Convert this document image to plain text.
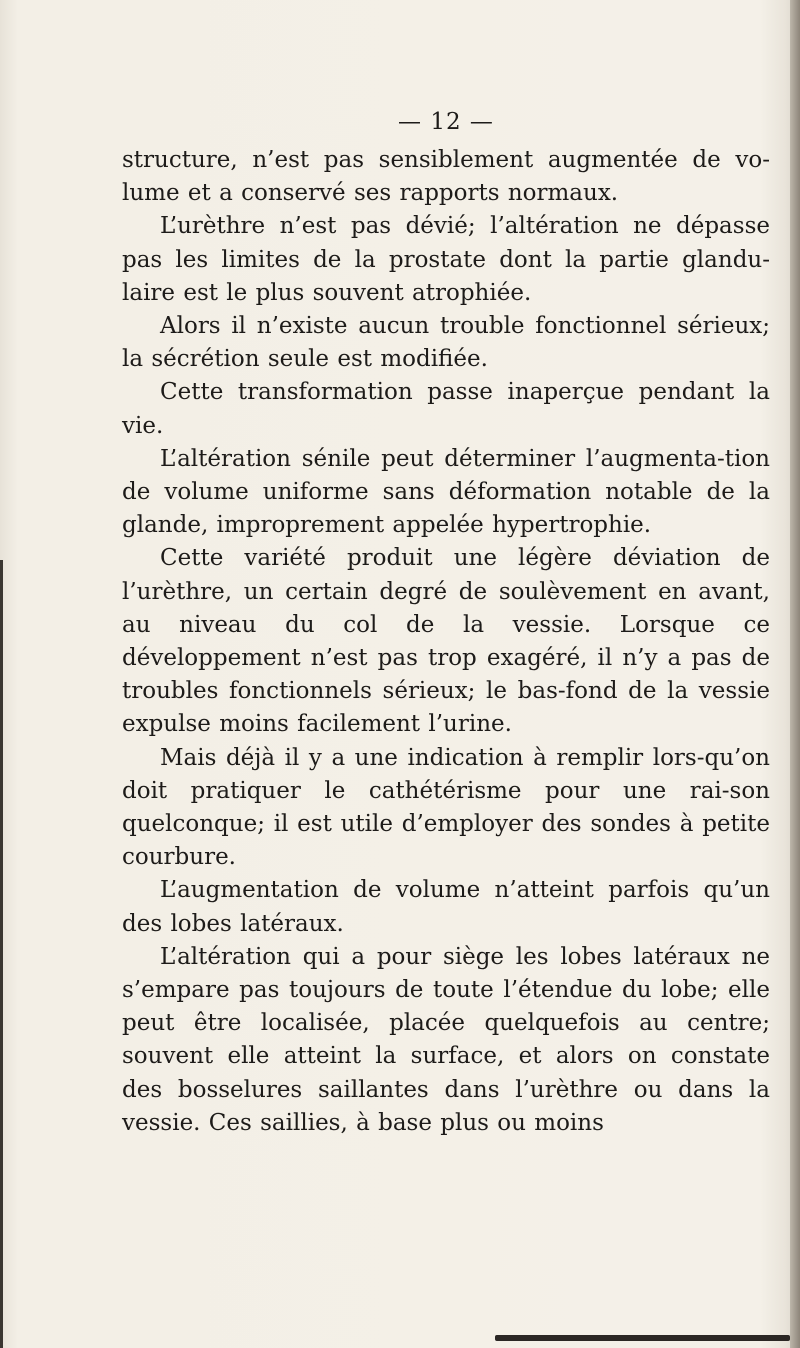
— 12 —

structure, n’est pas sensiblement augmentée de vo-lume et a conservé ses rapports normaux.

L’urèthre n’est pas dévié; l’altération ne dépasse pas les limites de la prostate dont la partie glandu-laire est le plus souvent atrophiée.

Alors il n’existe aucun trouble fonctionnel sérieux; la sécrétion seule est modifiée.

Cette transformation passe inaperçue pendant la vie.

L’altération sénile peut déterminer l’augmenta-tion de volume uniforme sans déformation notable de la glande, improprement appelée hypertrophie.

Cette variété produit une légère déviation de l’urèthre, un certain degré de soulèvement en avant, au niveau du col de la vessie. Lorsque ce développement n’est pas trop exagéré, il n’y a pas de troubles fonctionnels sérieux; le bas-fond de la vessie expulse moins facilement l’urine.

Mais déjà il y a une indication à remplir lors-qu’on doit pratiquer le cathétérisme pour une rai-son quelconque; il est utile d’employer des sondes à petite courbure.

L’augmentation de volume n’atteint parfois qu’un des lobes latéraux.

L’altération qui a pour siège les lobes latéraux ne s’empare pas toujours de toute l’étendue du lobe; elle peut être localisée, placée quelquefois au centre; souvent elle atteint la surface, et alors on constate des bosselures saillantes dans l’urèthre ou dans la vessie. Ces saillies, à base plus ou moins
